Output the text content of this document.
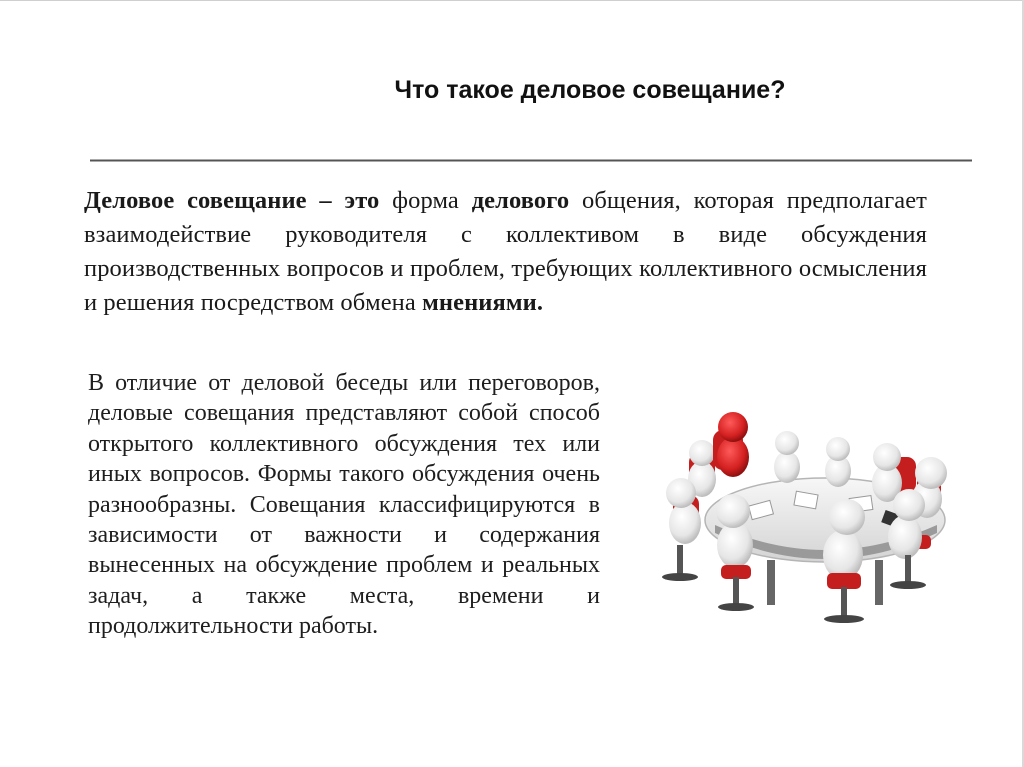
Что такое деловое совещание?
Деловое совещание – это форма делового общения, которая предполагает взаимодействие руководителя с коллективом в виде обсуждения производственных вопросов и проблем, требующих коллективного осмысления и решения посредством обмена мнениями.
В отличие от деловой беседы или переговоров, деловые совещания представляют собой способ открытого коллективного обсуждения тех или иных вопросов. Формы такого обсуждения очень разнообразны. Совещания классифицируются в зависимости от важности и содержания вынесенных на обсуждение проблем и реальных задач, а также места, времени и продолжительности работы.
